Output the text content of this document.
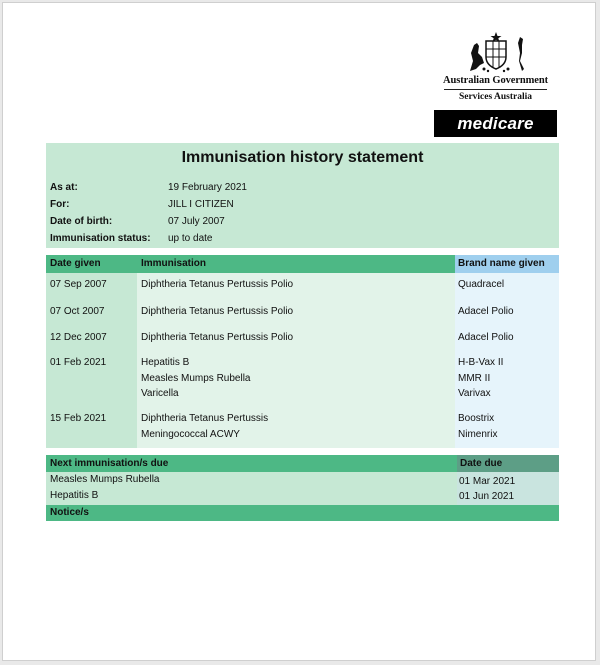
Australian Government
Services Australia
medicare
Immunisation history statement
As at:	19 February 2021
For:	JILL I CITIZEN
Date of birth:	07 July 2007
Immunisation status: up to date
Date given	Immunisation	Brand name given
07 Sep 2007	Diphtheria Tetanus Pertussis Polio	Quadracel
07 Oct 2007	Diphtheria Tetanus Pertussis Polio	Adacel Polio
12 Dec 2007	Diphtheria Tetanus Pertussis Polio	Adacel Polio
01 Feb 2021	Hepatitis B	H-B-Vax II
Measles Mumps Rubella	MMR II
Varicella	Varivax
15 Feb 2021	Diphtheria Tetanus Pertussis	Boostrix
Meningococcal ACWY	Nimenrix
Next immunisation/s due	Date due
Measles Mumps Rubella	01 Mar 2021
Hepatitis B	01 Jun 2021
Notice/s
